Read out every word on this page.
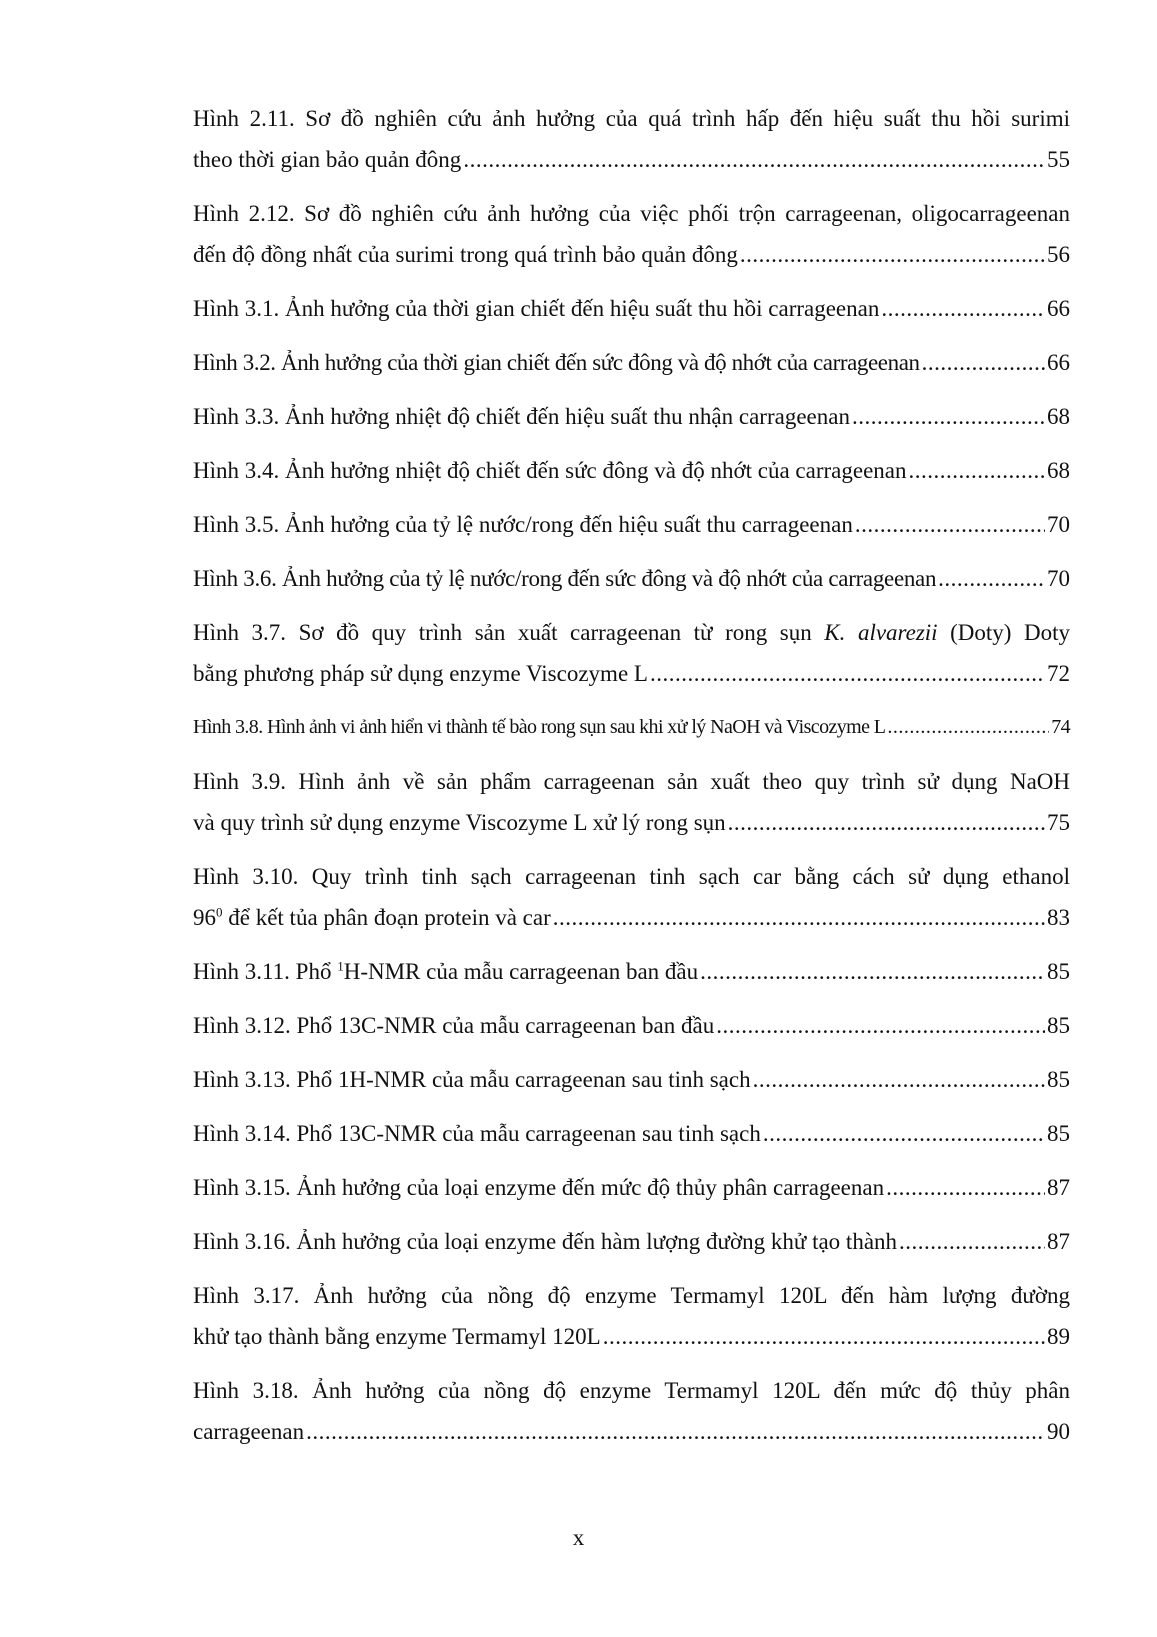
Hình 2.11. Sơ đồ nghiên cứu ảnh hưởng của quá trình hấp đến hiệu suất thu hồi surimi
theo thời gian bảo quản đông .....	55
Hình 2.12. Sơ đồ nghiên cứu ảnh hưởng của việc phối trộn carrageenan, oligocarrageenan
đến độ đồng nhất của surimi trong quá trình bảo quản đông .....	56
Hình 3.1. Ảnh hưởng của thời gian chiết đến hiệu suất thu hồi carrageenan .....	66
Hình 3.2. Ảnh hưởng của thời gian chiết đến sức đông và độ nhớt của carrageenan .....	66
Hình 3.3. Ảnh hưởng nhiệt độ chiết đến hiệu suất thu nhận carrageenan .....	68
Hình 3.4. Ảnh hưởng nhiệt độ chiết đến sức đông và độ nhớt của carrageenan .....	68
Hình 3.5. Ảnh hưởng của tỷ lệ nước/rong đến hiệu suất thu carrageenan .....	70
Hình 3.6. Ảnh hưởng của tỷ lệ nước/rong đến sức đông và độ nhớt của carrageenan .....	70
Hình 3.7. Sơ đồ quy trình sản xuất carrageenan từ rong sụn K. alvarezii (Doty) Doty
bằng phương pháp sử dụng enzyme Viscozyme L .....	72
Hình 3.8. Hình ảnh vi ảnh hiển vi thành tế bào rong sụn sau khi xử lý NaOH và Viscozyme L .....	74
Hình 3.9. Hình ảnh về sản phẩm carrageenan sản xuất theo quy trình sử dụng NaOH
và quy trình sử dụng enzyme Viscozyme L xử lý rong sụn .....	75
Hình 3.10. Quy trình tinh sạch carrageenan tinh sạch car bằng cách sử dụng ethanol
$96^0$ để kết tủa phân đoạn protein và car .....	83
Hình 3.11. Phổ $^1$H-NMR của mẫu carrageenan ban đầu .....	85
Hình 3.12. Phổ 13C-NMR của mẫu carrageenan ban đầu .....	85
Hình 3.13. Phổ 1H-NMR của mẫu carrageenan sau tinh sạch .....	85
Hình 3.14. Phổ 13C-NMR của mẫu carrageenan sau tinh sạch .....	85
Hình 3.15. Ảnh hưởng của loại enzyme đến mức độ thủy phân carrageenan .....	87
Hình 3.16. Ảnh hưởng của loại enzyme đến hàm lượng đường khử tạo thành .....	87
Hình 3.17. Ảnh hưởng của nồng độ enzyme Termamyl 120L đến hàm lượng đường
khử tạo thành bằng enzyme Termamyl 120L .....	89
Hình 3.18. Ảnh hưởng của nồng độ enzyme Termamyl 120L đến mức độ thủy phân
carrageenan .....	90
x
